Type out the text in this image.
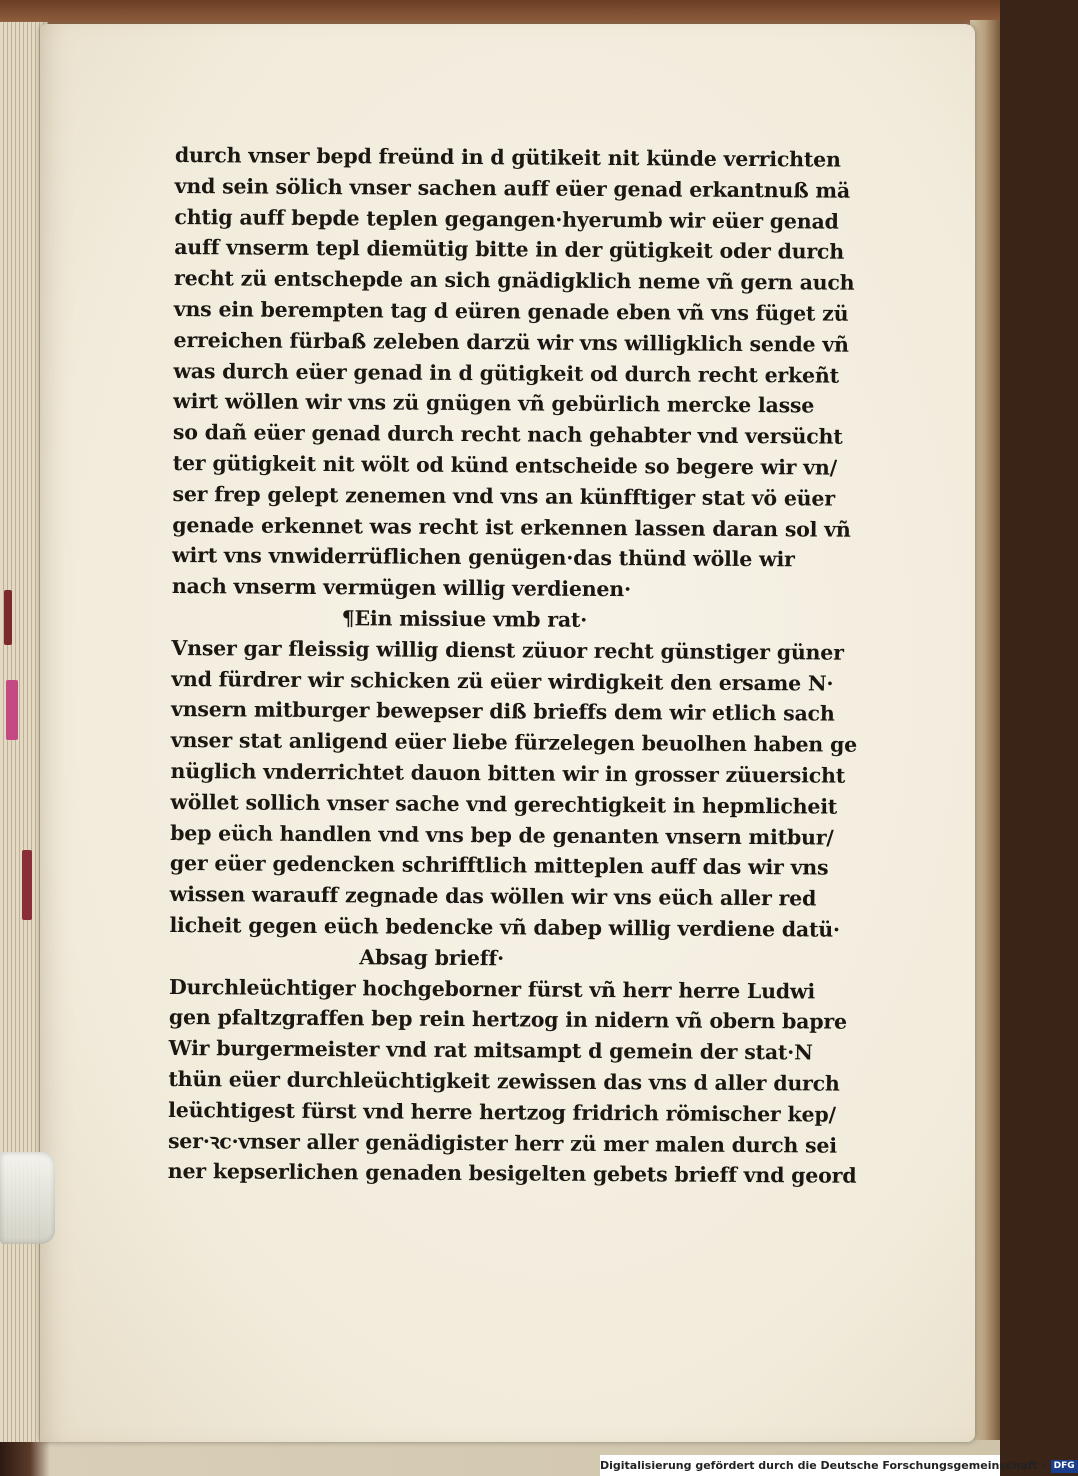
durch vnser bepd freünd in d gütikeit nit künde verrichten
vnd sein sölich vnser sachen auff eüer genad erkantnuß mä
chtig auff bepde teplen gegangen·hyerumb wir eüer genad
auff vnserm tepl diemütig bitte in der gütigkeit oder durch
recht zü entschepde an sich gnädigklich neme vñ gern auch
vns ein berempten tag d eüren genade eben vñ vns füget zü
erreichen fürbaß zeleben darzü wir vns willigklich sende vñ
was durch eüer genad in d gütigkeit od durch recht erkeñt
wirt wöllen wir vns zü gnügen vñ gebürlich mercke lasse
so dañ eüer genad durch recht nach gehabter vnd versücht
ter gütigkeit nit wölt od künd entscheide so begere wir vn/
ser frep gelept zenemen vnd vns an künfftiger stat vö eüer
genade erkennet was recht ist erkennen lassen daran sol vñ
wirt vns vnwiderrüflichen genügen·das thünd wölle wir
nach vnserm vermügen willig verdienen·
¶Ein missiue vmb rat·
Vnser gar fleissig willig dienst züuor recht günstiger güner
vnd fürdrer wir schicken zü eüer wirdigkeit den ersame N·
vnsern mitburger bewepser diß brieffs dem wir etlich sach
vnser stat anligend eüer liebe fürzelegen beuolhen haben ge
nüglich vnderrichtet dauon bitten wir in grosser züuersicht
wöllet sollich vnser sache vnd gerechtigkeit in hepmlicheit
bep eüch handlen vnd vns bep de genanten vnsern mitbur/
ger eüer gedencken schrifftlich mitteplen auff das wir vns
wissen warauff zegnade das wöllen wir vns eüch aller red
licheit gegen eüch bedencke vñ dabep willig verdiene datü·
Absag brieff·
Durchleüchtiger hochgeborner fürst vñ herr herre Ludwi
gen pfaltzgraffen bep rein hertzog in nidern vñ obern bapre
Wir burgermeister vnd rat mitsampt d gemein der stat·N
thün eüer durchleüchtigkeit zewissen das vns d aller durch
leüchtigest fürst vnd herre hertzog fridrich römischer kep/
ser·ꝛc·vnser aller genädigister herr zü mer malen durch sei
ner kepserlichen genaden besigelten gebets brieff vnd geord
Digitalisierung gefördert durch die Deutsche Forschungsgemeinschaft · DFG
